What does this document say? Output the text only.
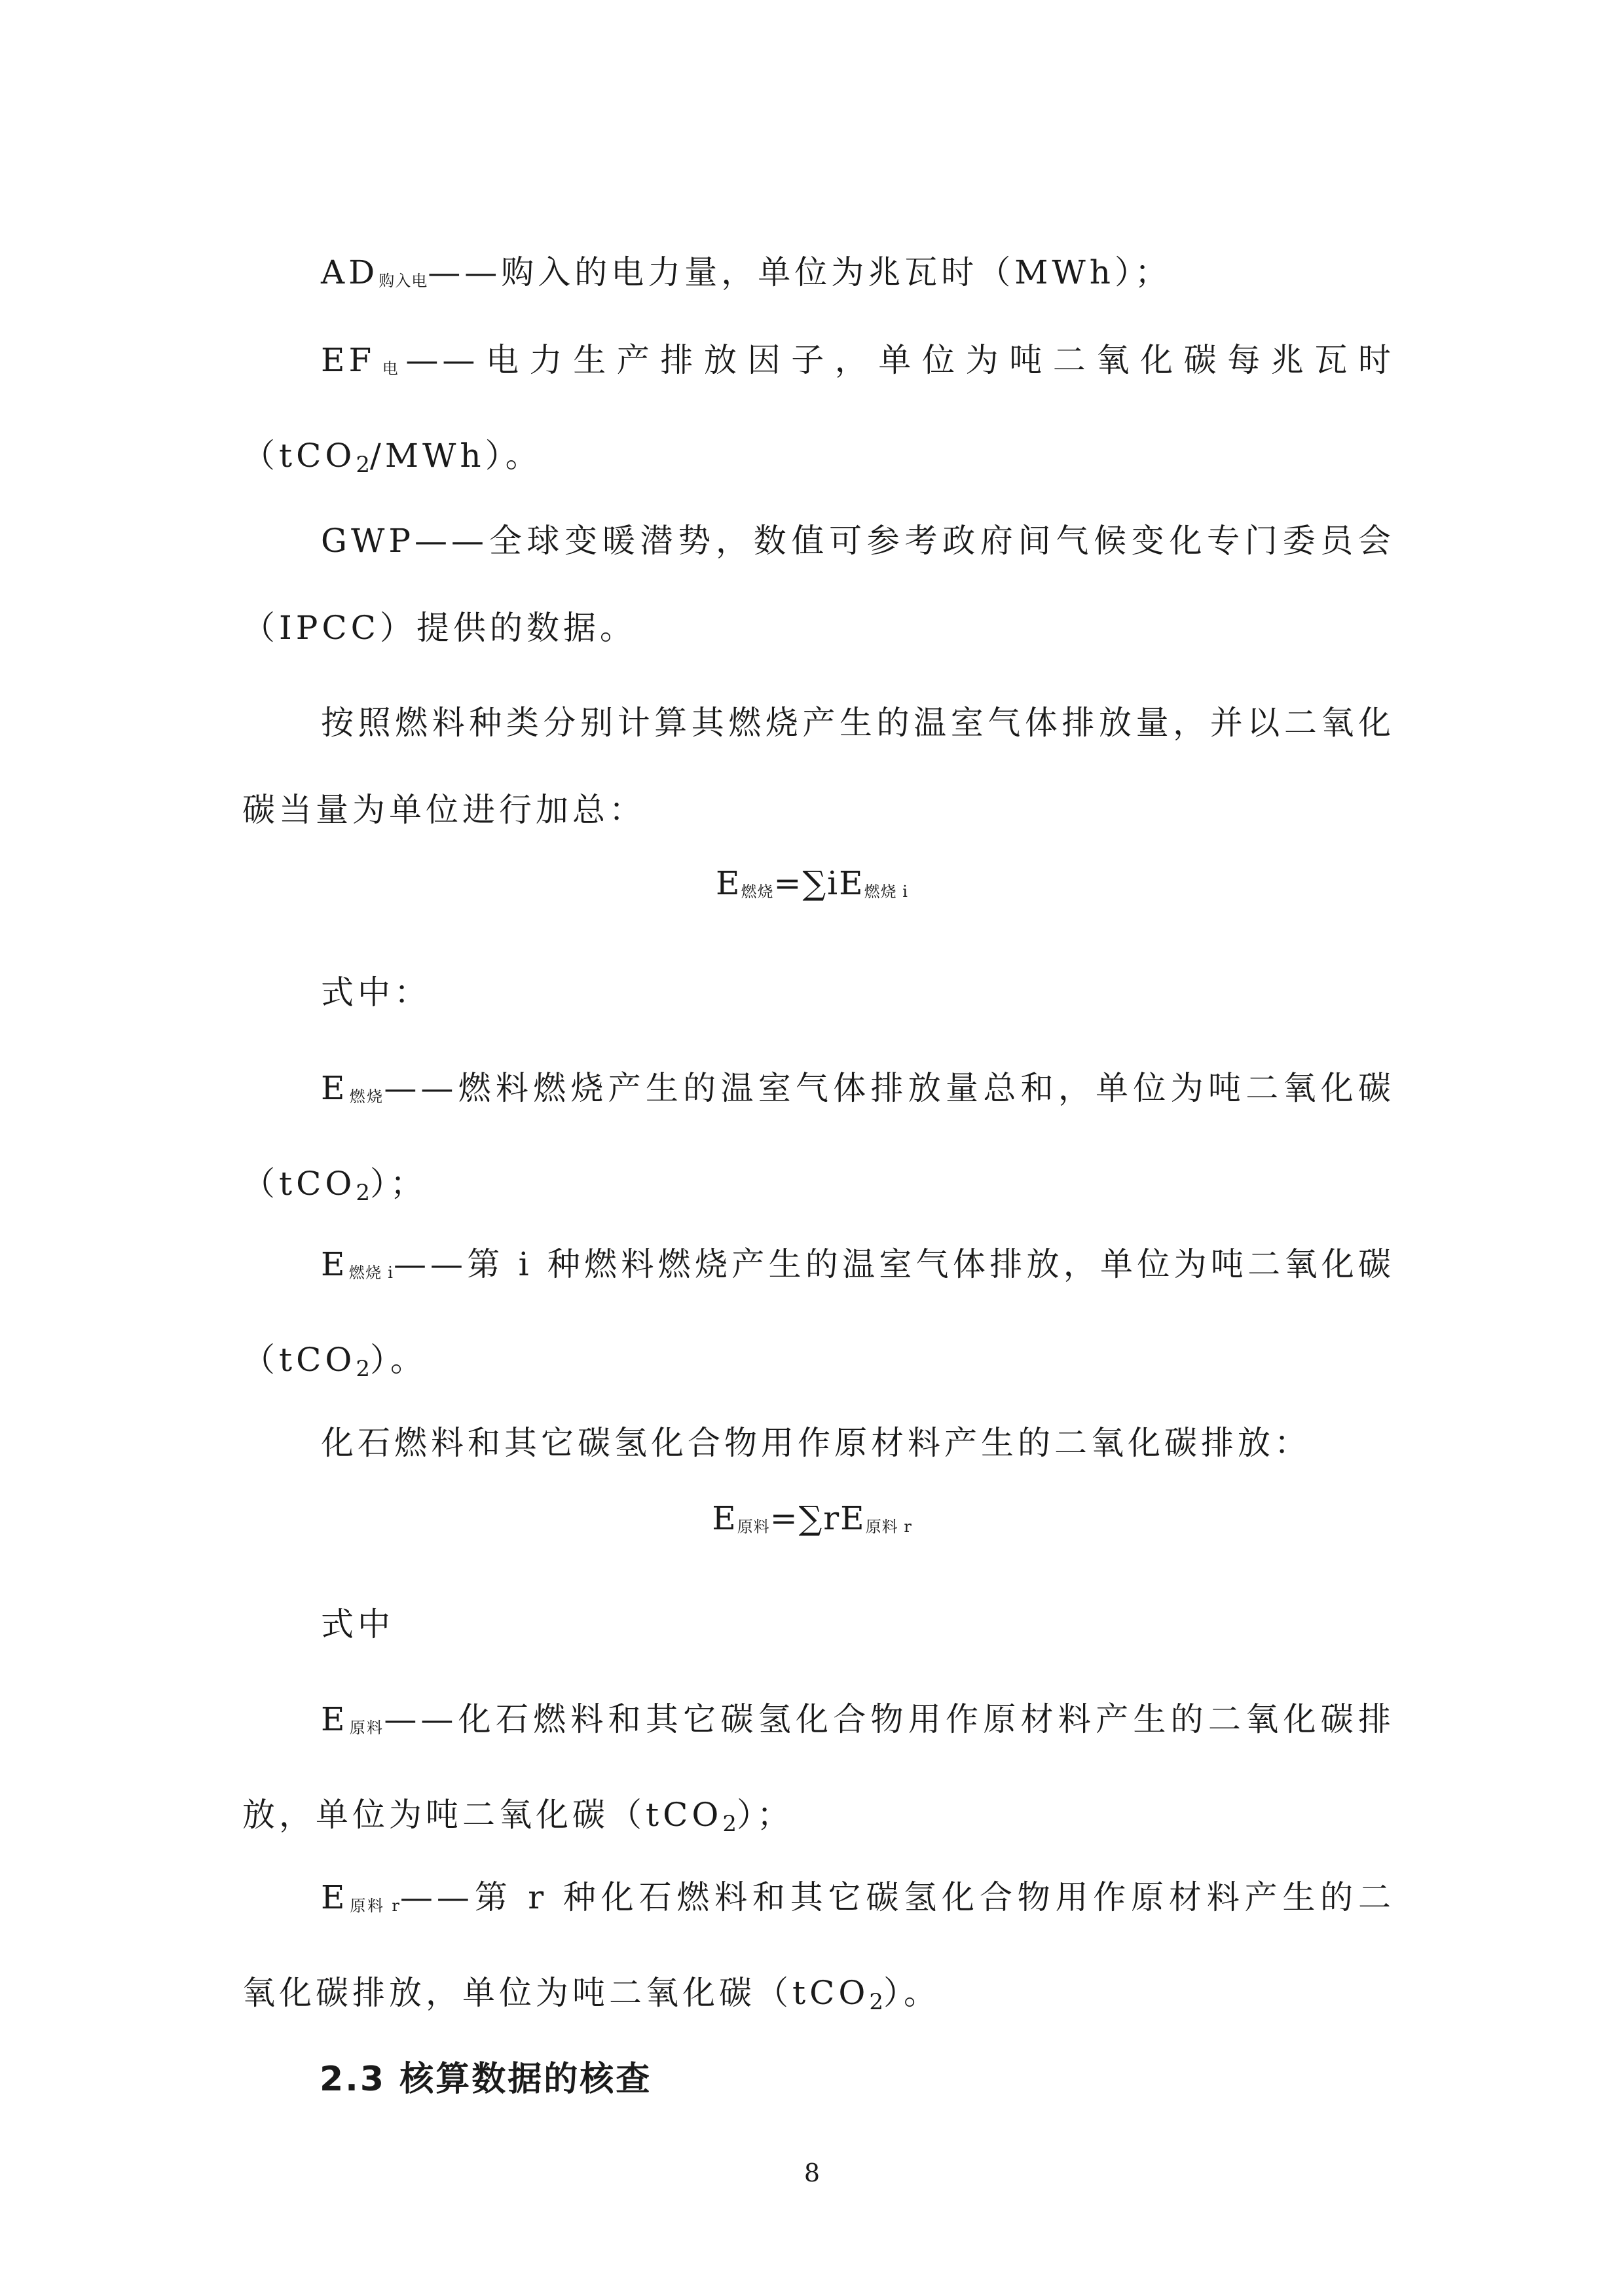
AD购入电——购入的电力量，单位为兆瓦时（MWh）；

EF电——电力生产排放因子，单位为吨二氧化碳每兆瓦时（tCO2/MWh）。

GWP——全球变暖潜势，数值可参考政府间气候变化专门委员会（IPCC）提供的数据。

按照燃料种类分别计算其燃烧产生的温室气体排放量，并以二氧化碳当量为单位进行加总：

E燃烧=∑iE燃烧 i

式中：

E燃烧——燃料燃烧产生的温室气体排放量总和，单位为吨二氧化碳（tCO2）；

E燃烧 i——第 i 种燃料燃烧产生的温室气体排放，单位为吨二氧化碳（tCO2）。

化石燃料和其它碳氢化合物用作原材料产生的二氧化碳排放：

E原料=∑rE原料 r

式中

E原料——化石燃料和其它碳氢化合物用作原材料产生的二氧化碳排放，单位为吨二氧化碳（tCO2）；

E原料 r——第 r 种化石燃料和其它碳氢化合物用作原材料产生的二氧化碳排放，单位为吨二氧化碳（tCO2）。

2.3 核算数据的核查
8
